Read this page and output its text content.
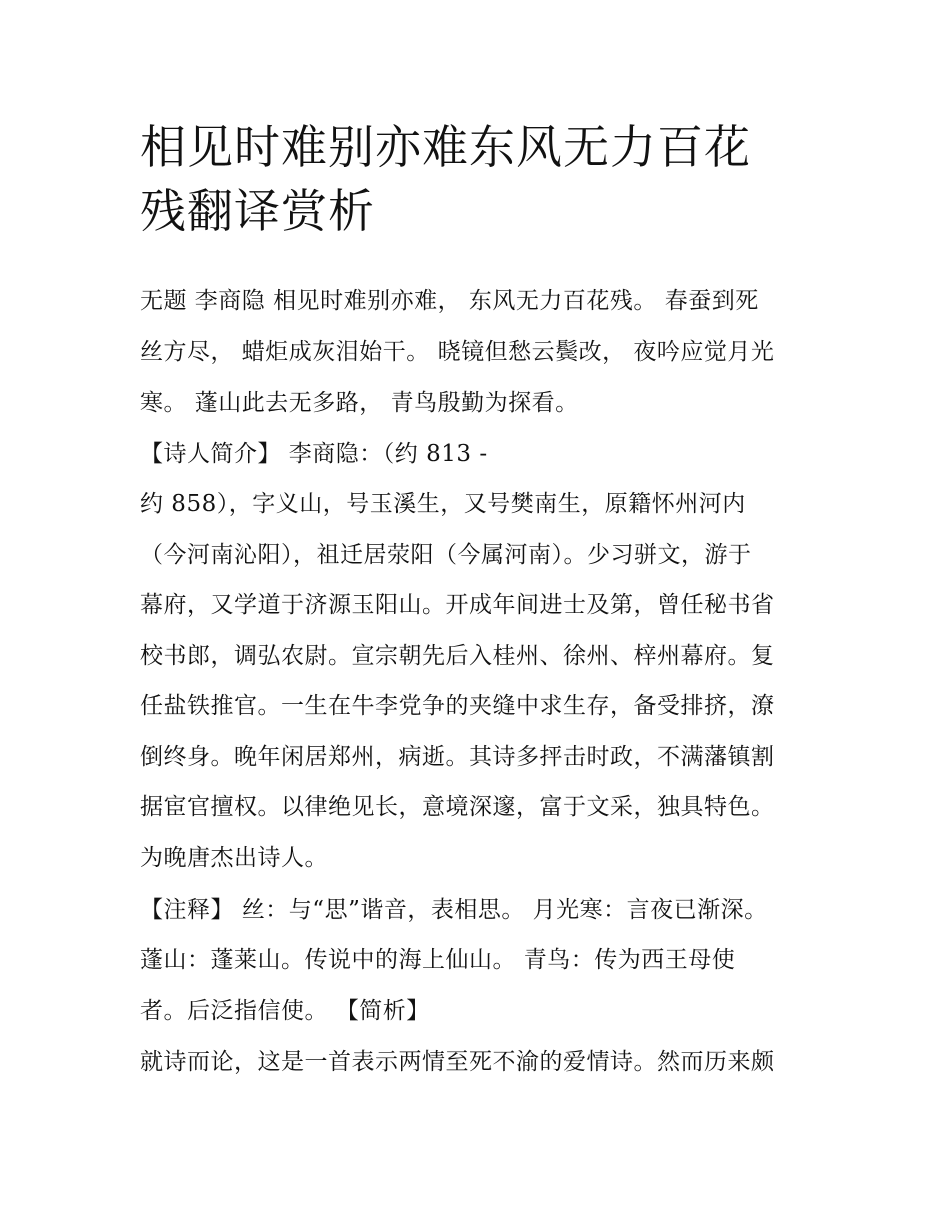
相见时难别亦难东风无力百花
残翻译赏析
无题 李商隐 相见时难别亦难， 东风无力百花残。 春蚕到死
丝方尽， 蜡炬成灰泪始干。 晓镜但愁云鬓改， 夜吟应觉月光
寒。 蓬山此去无多路， 青鸟殷勤为探看。
【诗人简介】 李商隐：（约 813 -
约 858），字义山，号玉溪生，又号樊南生，原籍怀州河内
（今河南沁阳），祖迁居荥阳（今属河南）。少习骈文，游于
幕府，又学道于济源玉阳山。开成年间进士及第，曾任秘书省
校书郎，调弘农尉。宣宗朝先后入桂州、徐州、梓州幕府。复
任盐铁推官。一生在牛李党争的夹缝中求生存，备受排挤，潦
倒终身。晚年闲居郑州，病逝。其诗多抨击时政，不满藩镇割
据宦官擅权。以律绝见长，意境深邃，富于文采，独具特色。
为晚唐杰出诗人。
【注释】 丝：与“思”谐音，表相思。 月光寒：言夜已渐深。
蓬山：蓬莱山。传说中的海上仙山。 青鸟：传为西王母使
者。后泛指信使。 【简析】
就诗而论，这是一首表示两情至死不渝的爱情诗。然而历来颇
